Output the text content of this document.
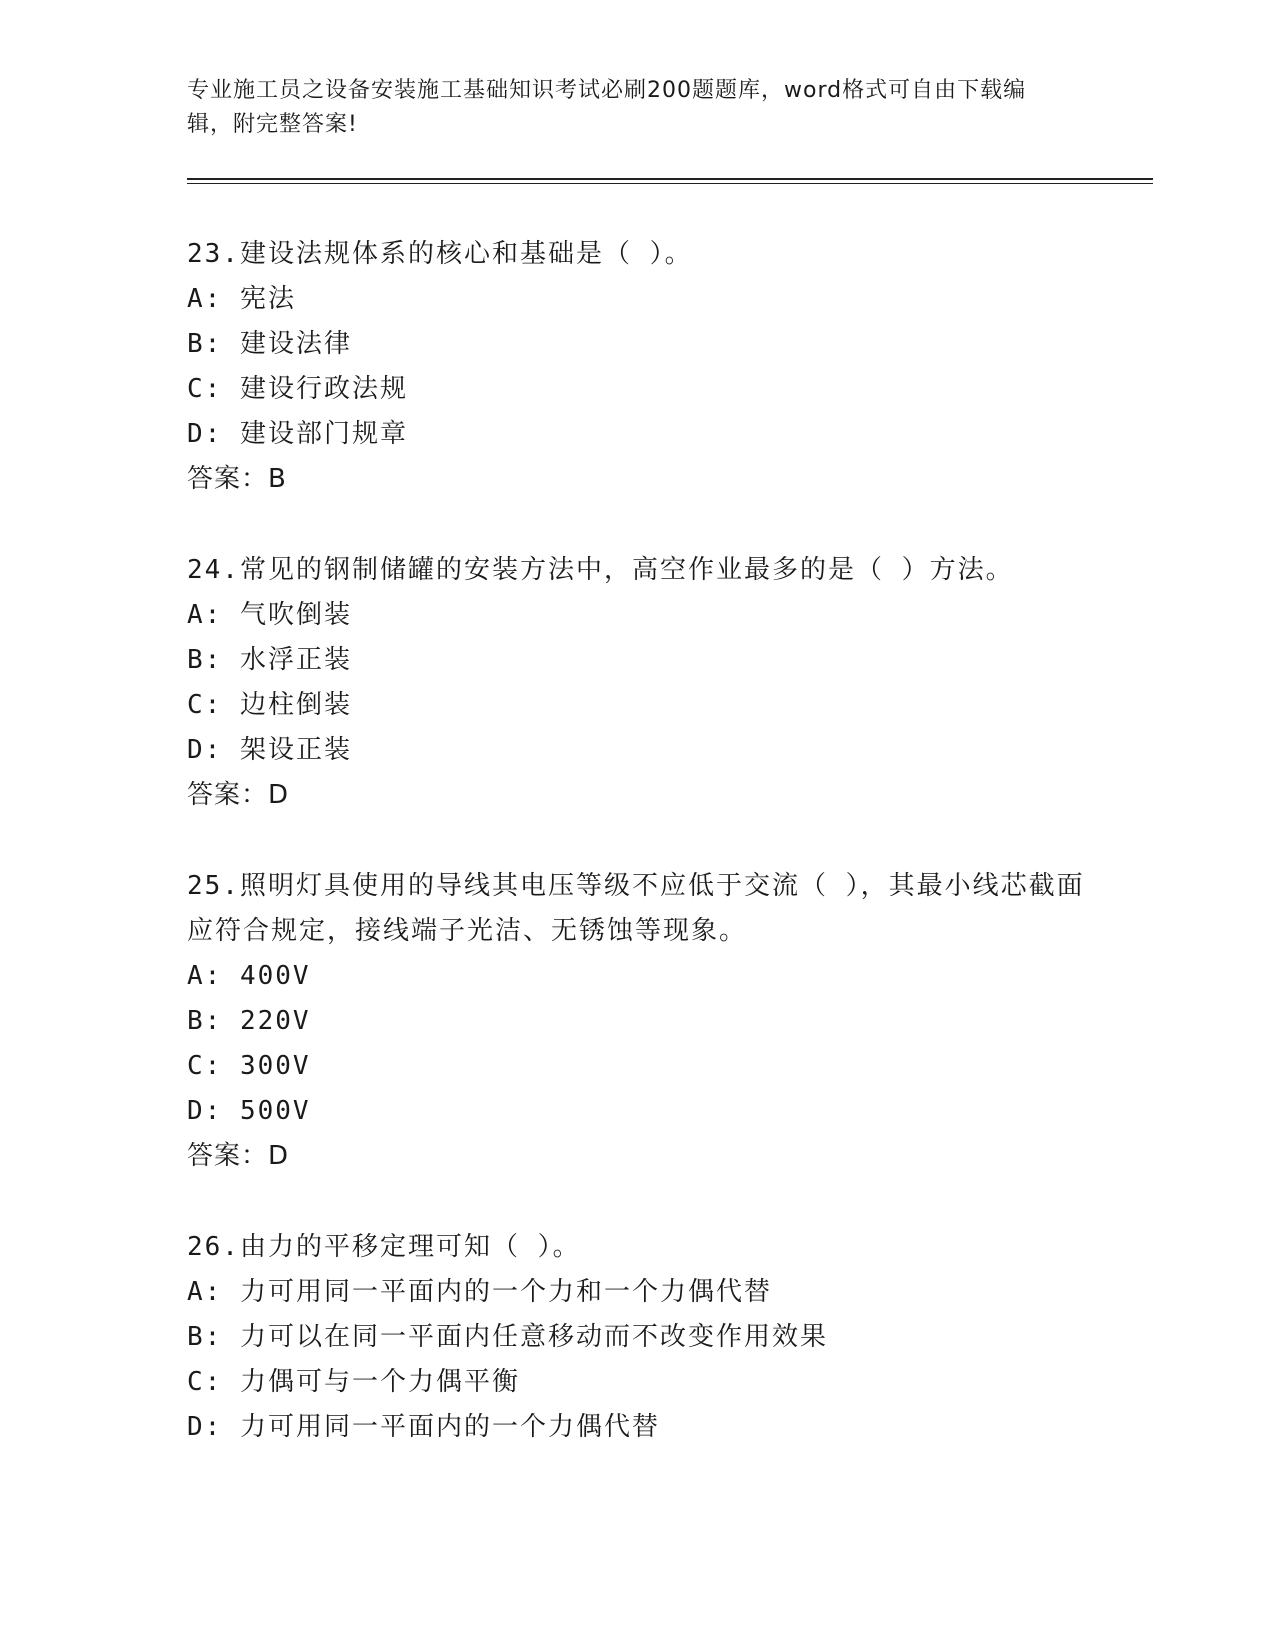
专业施工员之设备安装施工基础知识考试必刷200题题库，word格式可自由下载编辑，附完整答案!
23.建设法规体系的核心和基础是（ ）。
A: 宪法
B: 建设法律
C: 建设行政法规
D: 建设部门规章
答案：B
24.常见的钢制储罐的安装方法中，高空作业最多的是（ ）方法。
A: 气吹倒装
B: 水浮正装
C: 边柱倒装
D: 架设正装
答案：D
25.照明灯具使用的导线其电压等级不应低于交流（ ），其最小线芯截面应符合规定，接线端子光洁、无锈蚀等现象。
A: 400V
B: 220V
C: 300V
D: 500V
答案：D
26.由力的平移定理可知（ ）。
A: 力可用同一平面内的一个力和一个力偶代替
B: 力可以在同一平面内任意移动而不改变作用效果
C: 力偶可与一个力偶平衡
D: 力可用同一平面内的一个力偶代替
